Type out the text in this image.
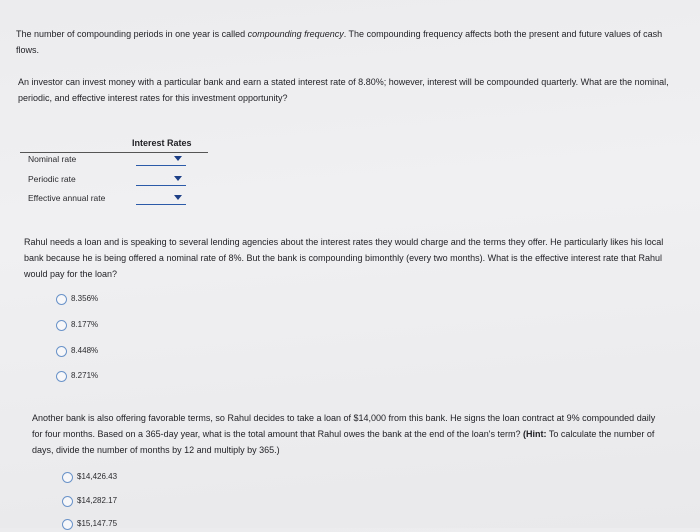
The number of compounding periods in one year is called compounding frequency. The compounding frequency affects both the present and future values of cash flows.
An investor can invest money with a particular bank and earn a stated interest rate of 8.80%; however, interest will be compounded quarterly. What are the nominal, periodic, and effective interest rates for this investment opportunity?
Interest Rates
Nominal rate
Periodic rate
Effective annual rate
Rahul needs a loan and is speaking to several lending agencies about the interest rates they would charge and the terms they offer. He particularly likes his local bank because he is being offered a nominal rate of 8%. But the bank is compounding bimonthly (every two months). What is the effective interest rate that Rahul would pay for the loan?
8.356%
8.177%
8.448%
8.271%
Another bank is also offering favorable terms, so Rahul decides to take a loan of $14,000 from this bank. He signs the loan contract at 9% compounded daily for four months. Based on a 365-day year, what is the total amount that Rahul owes the bank at the end of the loan's term? (Hint: To calculate the number of days, divide the number of months by 12 and multiply by 365.)
$14,426.43
$14,282.17
$15,147.75
